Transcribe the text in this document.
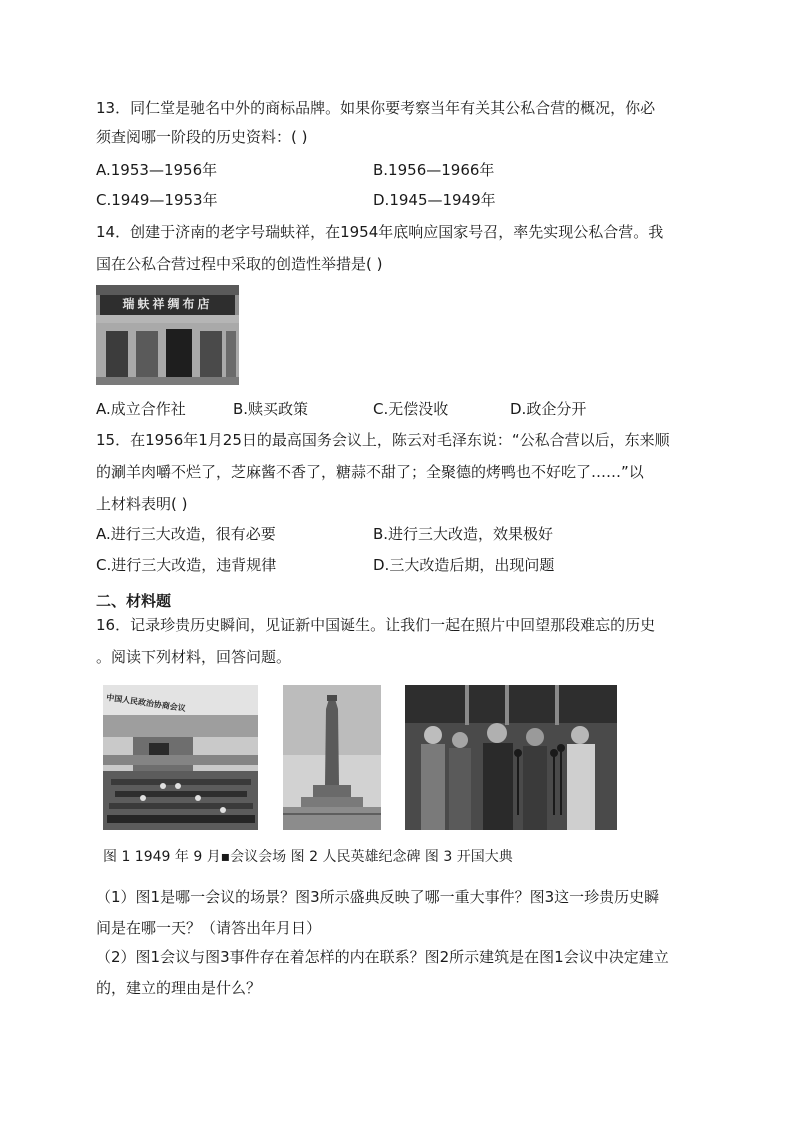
13．同仁堂是驰名中外的商标品牌。如果你要考察当年有关其公私合营的概况，你必
须查阅哪一阶段的历史资料：( )
A.1953—1956年	B.1956—1966年
C.1949—1953年	D.1945—1949年
14．创建于济南的老字号瑞蚨祥，在1954年底响应国家号召，率先实现公私合营。我
国在公私合营过程中采取的创造性举措是( )
瑞蚨祥绸布店
A.成立合作社	B.赎买政策	C.无偿没收	D.政企分开
15．在1956年1月25日的最高国务会议上，陈云对毛泽东说：“公私合营以后，东来顺
的涮羊肉嚼不烂了，芝麻酱不香了，糖蒜不甜了；全聚德的烤鸭也不好吃了……”以
上材料表明( )
A.进行三大改造，很有必要	B.进行三大改造，效果极好
C.进行三大改造，违背规律	D.三大改造后期，出现问题
二、材料题
16．记录珍贵历史瞬间，见证新中国诞生。让我们一起在照片中回望那段难忘的历史
。阅读下列材料，回答问题。
中国人民政治协商会议
图 1 1949 年 9 月▪会议会场 图 2 人民英雄纪念碑 图 3 开国大典
（1）图1是哪一会议的场景？图3所示盛典反映了哪一重大事件？图3这一珍贵历史瞬
间是在哪一天？（请答出年月日）
（2）图1会议与图3事件存在着怎样的内在联系？图2所示建筑是在图1会议中决定建立
的，建立的理由是什么？
